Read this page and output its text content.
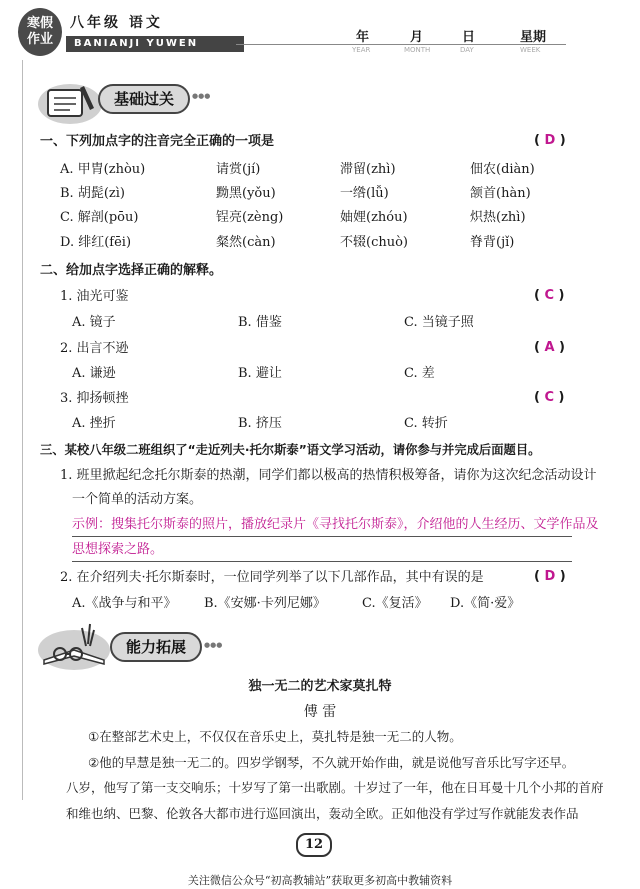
寒假
作业
八年级 语文
BANIANJI YUWEN	年	月	日	星期
YEAR	MONTH	DAY	WEEK
基础过关	●●●
一、下列加点字的注音完全正确的一项是	( D )
A. 甲胄(zhòu)	请赏(jí)	滞留(zhì)	佃农(diàn)
B. 胡髭(zì)	黝黑(yǒu)	一绺(lǚ)	颔首(hàn)
C. 解剖(pōu)	锃亮(zèng)	妯娌(zhóu)	炽热(zhì)
D. 绯红(fēi)	粲然(càn)	不辍(chuò)	脊背(jǐ)
二、给加点字选择正确的解释。
1. 油光可鉴	( C )
A. 镜子	B. 借鉴	C. 当镜子照
2. 出言不逊	( A )
A. 谦逊	B. 避让	C. 差
3. 抑扬顿挫	( C )
A. 挫折	B. 挤压	C. 转折
三、某校八年级二班组织了“走近列夫·托尔斯泰”语文学习活动，请你参与并完成后面题目。
1. 班里掀起纪念托尔斯泰的热潮，同学们都以极高的热情积极筹备，请你为这次纪念活动设计
一个简单的活动方案。
示例：搜集托尔斯泰的照片，播放纪录片《寻找托尔斯泰》，介绍他的人生经历、文学作品及
思想探索之路。
2. 在介绍列夫·托尔斯泰时，一位同学列举了以下几部作品，其中有误的是	( D )
A.《战争与和平》 B.《安娜·卡列尼娜》	C.《复活》 D.《简·爱》
能力拓展	●●●
独一无二的艺术家莫扎特
傅 雷
①在整部艺术史上，不仅仅在音乐史上，莫扎特是独一无二的人物。
②他的早慧是独一无二的。四岁学钢琴，不久就开始作曲，就是说他写音乐比写字还早。
八岁，他写了第一支交响乐；十岁写了第一出歌剧。十岁过了一年，他在日耳曼十几个小邦的首府
和维也纳、巴黎、伦敦各大都市进行巡回演出，轰动全欧。正如他没有学过写作就能发表作品
12
关注微信公众号“初高教辅站”获取更多初高中教辅资料
